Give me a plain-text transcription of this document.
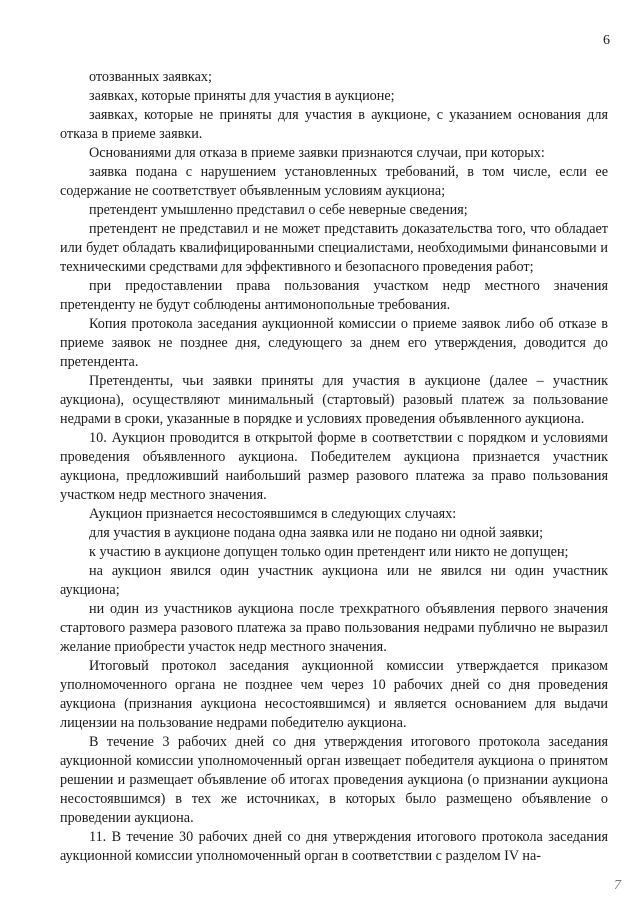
6

отозванных заявках;

заявках, которые приняты для участия в аукционе;

заявках, которые не приняты для участия в аукционе, с указанием основания для отказа в приеме заявки.

Основаниями для отказа в приеме заявки признаются случаи, при которых:

заявка подана с нарушением установленных требований, в том числе, если ее содержание не соответствует объявленным условиям аукциона;

претендент умышленно представил о себе неверные сведения;

претендент не представил и не может представить доказательства того, что обладает или будет обладать квалифицированными специалистами, необходимыми финансовыми и техническими средствами для эффективного и безопасного проведения работ;

при предоставлении права пользования участком недр местного значения претенденту не будут соблюдены антимонопольные требования.

Копия протокола заседания аукционной комиссии о приеме заявок либо об отказе в приеме заявок не позднее дня, следующего за днем его утверждения, доводится до претендента.

Претенденты, чьи заявки приняты для участия в аукционе (далее – участник аукциона), осуществляют минимальный (стартовый) разовый платеж за пользование недрами в сроки, указанные в порядке и условиях проведения объявленного аукциона.

10. Аукцион проводится в открытой форме в соответствии с порядком и условиями проведения объявленного аукциона. Победителем аукциона признается участник аукциона, предложивший наибольший размер разового платежа за право пользования участком недр местного значения.

Аукцион признается несостоявшимся в следующих случаях:

для участия в аукционе подана одна заявка или не подано ни одной заявки;

к участию в аукционе допущен только один претендент или никто не допущен;

на аукцион явился один участник аукциона или не явился ни один участник аукциона;

ни один из участников аукциона после трехкратного объявления первого значения стартового размера разового платежа за право пользования недрами публично не выразил желание приобрести участок недр местного значения.

Итоговый протокол заседания аукционной комиссии утверждается приказом уполномоченного органа не позднее чем через 10 рабочих дней со дня проведения аукциона (признания аукциона несостоявшимся) и является основанием для выдачи лицензии на пользование недрами победителю аукциона.

В течение 3 рабочих дней со дня утверждения итогового протокола заседания аукционной комиссии уполномоченный орган извещает победителя аукциона о принятом решении и размещает объявление об итогах проведения аукциона (о признании аукциона несостоявшимся) в тех же источниках, в которых было размещено объявление о проведении аукциона.

11. В течение 30 рабочих дней со дня утверждения итогового протокола заседания аукционной комиссии уполномоченный орган в соответствии с разделом IV на-

7
